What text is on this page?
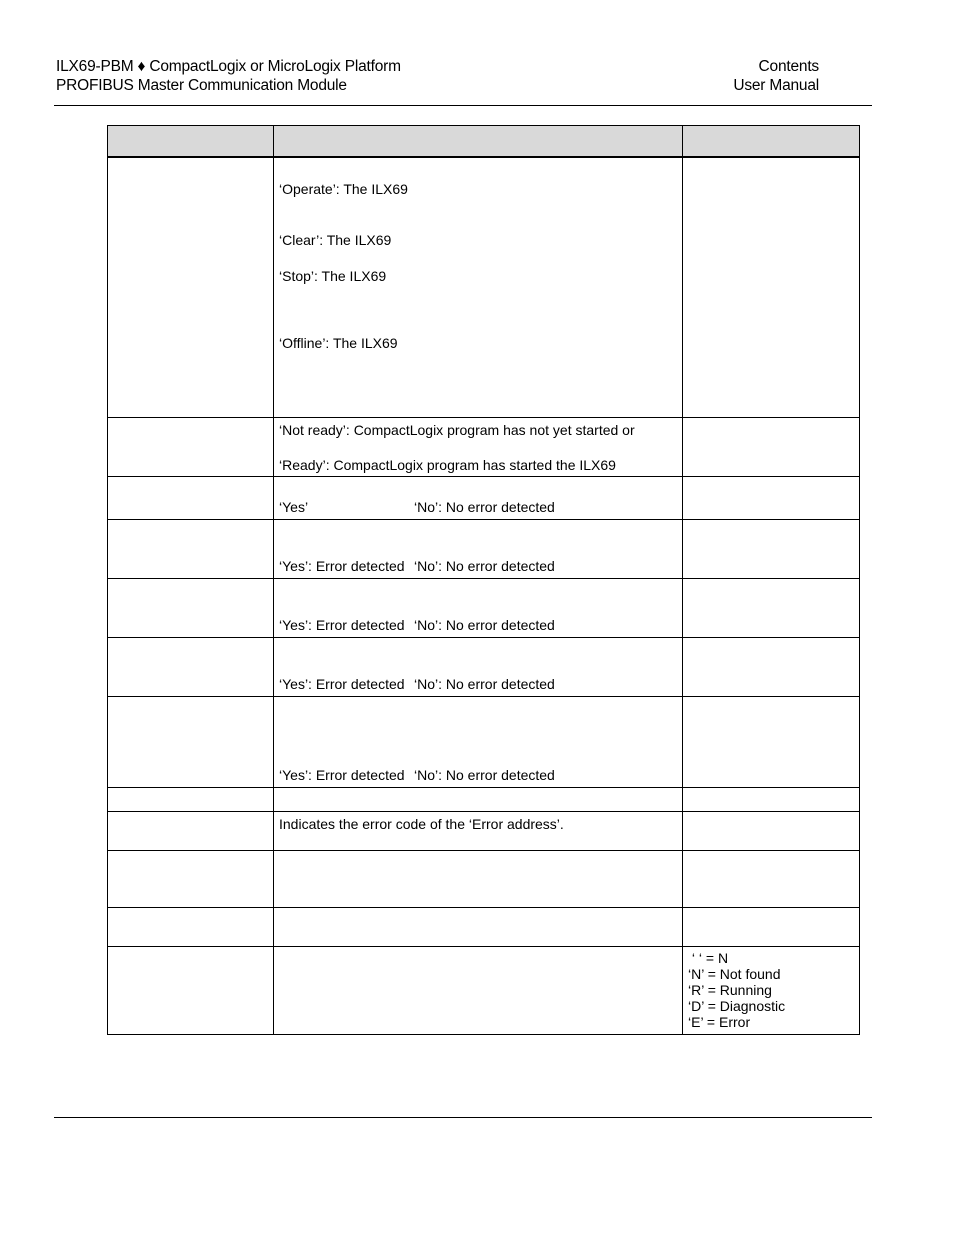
ILX69-PBM ♦ CompactLogix or MicroLogix Platform
PROFIBUS Master Communication Module
Contents
User Manual

	‘Operate’: The ILX69
‘Clear’: The ILX69
‘Stop’: The ILX69
‘Offline’: The ILX69	

	‘Not ready’: CompactLogix program has not yet started or
‘Ready’: CompactLogix program has started the ILX69	

	‘Yes’ ‘No’: No error detected	

	‘Yes’: Error detected ‘No’: No error detected	

	‘Yes’: Error detected ‘No’: No error detected	

	‘Yes’: Error detected ‘No’: No error detected	

	‘Yes’: Error detected ‘No’: No error detected	

	Indicates the error code of the ‘Error address’.	

		‘ ‘ = N
‘N’ = Not found
‘R’ = Running
‘D’ = Diagnostic
‘E’ = Error
